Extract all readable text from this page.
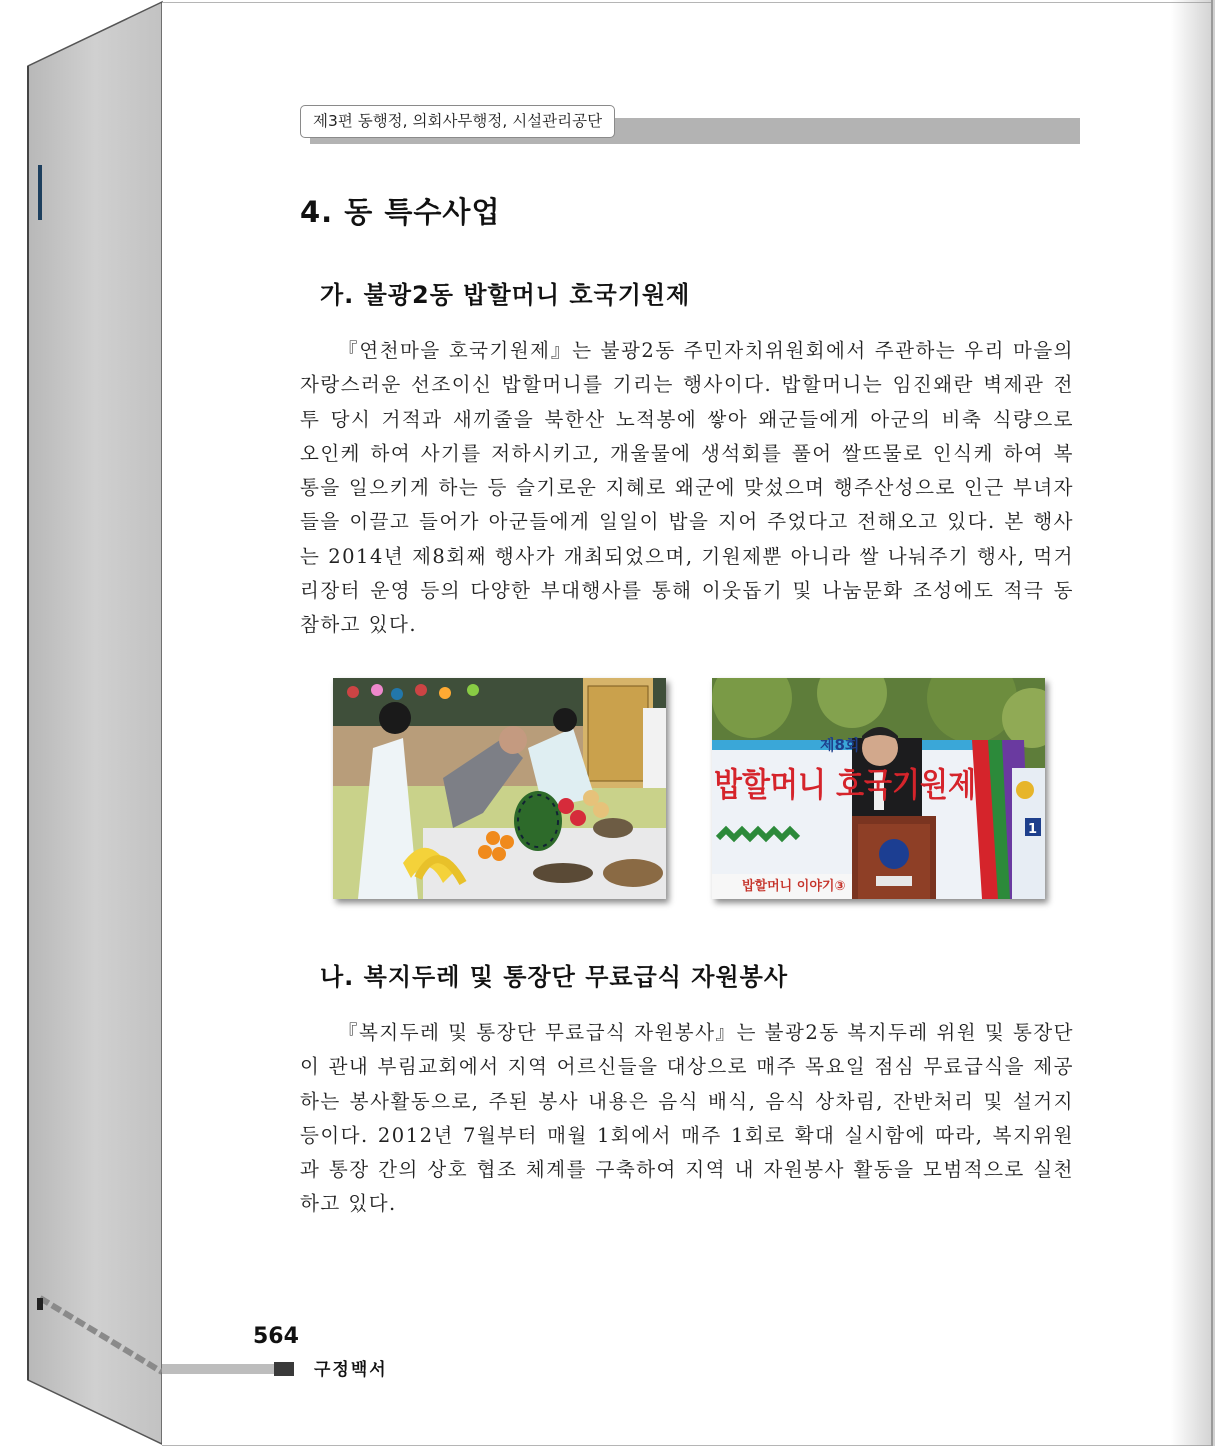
제3편 동행정, 의회사무행정, 시설관리공단
4. 동 특수사업
가. 불광2동 밥할머니 호국기원제

『연천마을 호국기원제』는 불광2동 주민자치위원회에서 주관하는 우리 마을의 자랑스러운 선조이신 밥할머니를 기리는 행사이다. 밥할머니는 임진왜란 벽제관 전투 당시 거적과 새끼줄을 북한산 노적봉에 쌓아 왜군들에게 아군의 비축 식량으로 오인케 하여 사기를 저하시키고, 개울물에 생석회를 풀어 쌀뜨물로 인식케 하여 복통을 일으키게 하는 등 슬기로운 지혜로 왜군에 맞섰으며 행주산성으로 인근 부녀자들을 이끌고 들어가 아군들에게 일일이 밥을 지어 주었다고 전해오고 있다. 본 행사는 2014년 제8회째 행사가 개최되었으며, 기원제뿐 아니라 쌀 나눠주기 행사, 먹거리장터 운영 등의 다양한 부대행사를 통해 이웃돕기 및 나눔문화 조성에도 적극 동참하고 있다.

제8회
밥할머니 호국기원제
밥할머니 이야기③
1
나. 복지두레 및 통장단 무료급식 자원봉사

『복지두레 및 통장단 무료급식 자원봉사』는 불광2동 복지두레 위원 및 통장단이 관내 부림교회에서 지역 어르신들을 대상으로 매주 목요일 점심 무료급식을 제공하는 봉사활동으로, 주된 봉사 내용은 음식 배식, 음식 상차림, 잔반처리 및 설거지 등이다. 2012년 7월부터 매월 1회에서 매주 1회로 확대 실시함에 따라, 복지위원과 통장 간의 상호 협조 체계를 구축하여 지역 내 자원봉사 활동을 모범적으로 실천하고 있다.

564
구정백서
